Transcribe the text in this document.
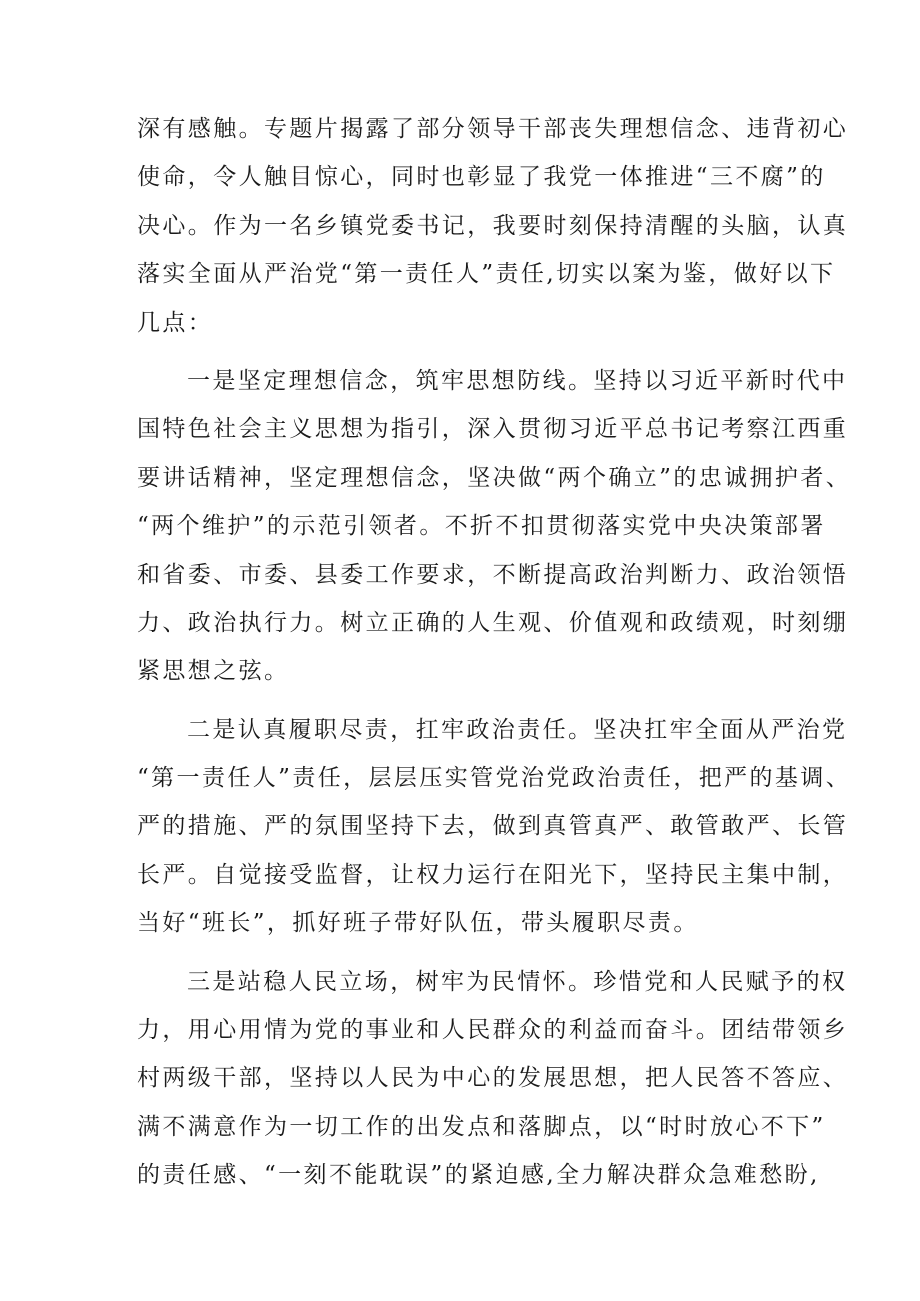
深有感触。专题片揭露了部分领导干部丧失理想信念、违背初心
使命，令人触目惊心，同时也彰显了我党一体推进“三不腐”的
决心。作为一名乡镇党委书记，我要时刻保持清醒的头脑，认真
落实全面从严治党“第一责任人”责任,切实以案为鉴，做好以下
几点：
一是坚定理想信念，筑牢思想防线。坚持以习近平新时代中
国特色社会主义思想为指引，深入贯彻习近平总书记考察江西重
要讲话精神，坚定理想信念，坚决做“两个确立”的忠诚拥护者、
“两个维护”的示范引领者。不折不扣贯彻落实党中央决策部署
和省委、市委、县委工作要求，不断提高政治判断力、政治领悟
力、政治执行力。树立正确的人生观、价值观和政绩观，时刻绷
紧思想之弦。
二是认真履职尽责，扛牢政治责任。坚决扛牢全面从严治党
“第一责任人”责任，层层压实管党治党政治责任，把严的基调、
严的措施、严的氛围坚持下去，做到真管真严、敢管敢严、长管
长严。自觉接受监督，让权力运行在阳光下，坚持民主集中制，
当好“班长”，抓好班子带好队伍，带头履职尽责。
三是站稳人民立场，树牢为民情怀。珍惜党和人民赋予的权
力，用心用情为党的事业和人民群众的利益而奋斗。团结带领乡
村两级干部，坚持以人民为中心的发展思想，把人民答不答应、
满不满意作为一切工作的出发点和落脚点，以“时时放心不下”
的责任感、“一刻不能耽误”的紧迫感,全力解决群众急难愁盼,
